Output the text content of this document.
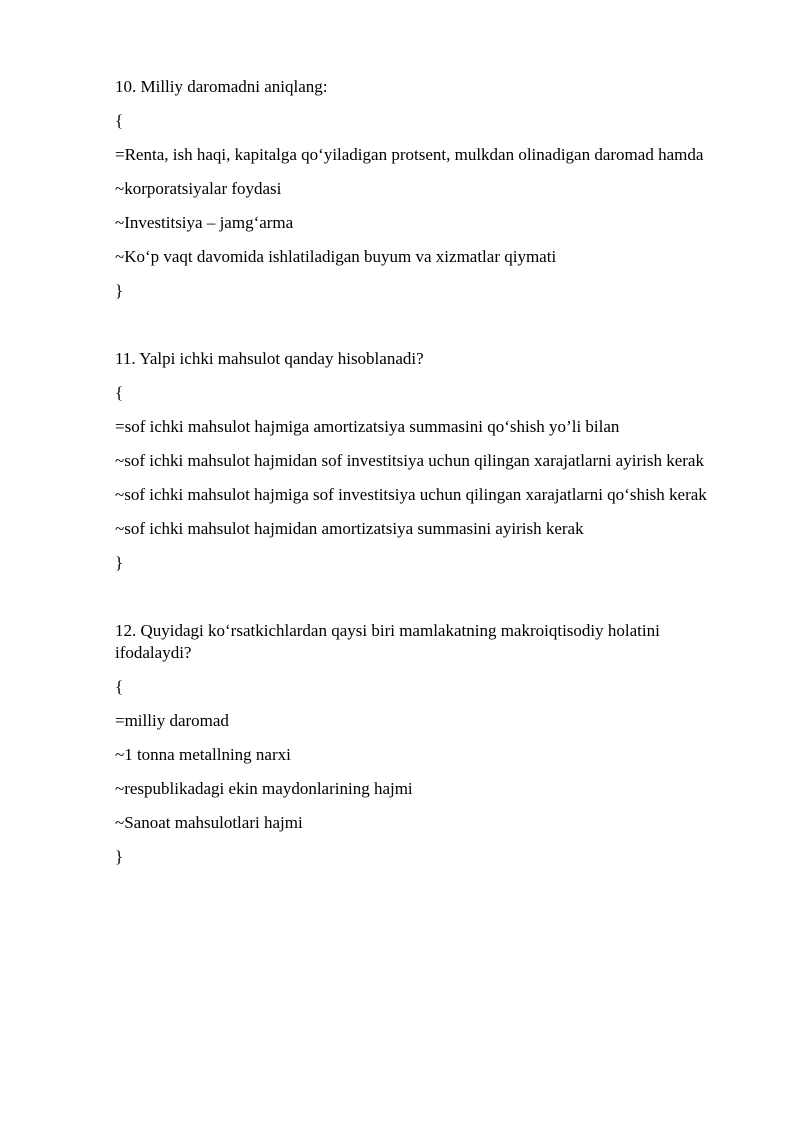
10. Milliy daromadni aniqlang:

{

=Renta, ish haqi, kapitalga qo‘yiladigan protsent, mulkdan olinadigan daromad hamda

~korporatsiyalar foydasi

~Investitsiya – jamg‘arma

~Ko‘p vaqt davomida ishlatiladigan buyum va xizmatlar qiymati

}

11. Yalpi ichki mahsulot qanday hisoblanadi?

{

=sof ichki mahsulot hajmiga amortizatsiya summasini qo‘shish yo’li bilan

~sof ichki mahsulot hajmidan sof investitsiya uchun qilingan xarajatlarni ayirish kerak

~sof ichki mahsulot hajmiga sof investitsiya uchun qilingan xarajatlarni qo‘shish kerak

~sof ichki mahsulot hajmidan amortizatsiya summasini ayirish kerak

}

12. Quyidagi ko‘rsatkichlardan qaysi biri mamlakatning makroiqtisodiy holatini ifodalaydi?

{

=milliy daromad

~1 tonna metallning narxi

~respublikadagi ekin maydonlarining hajmi

~Sanoat mahsulotlari hajmi

}
